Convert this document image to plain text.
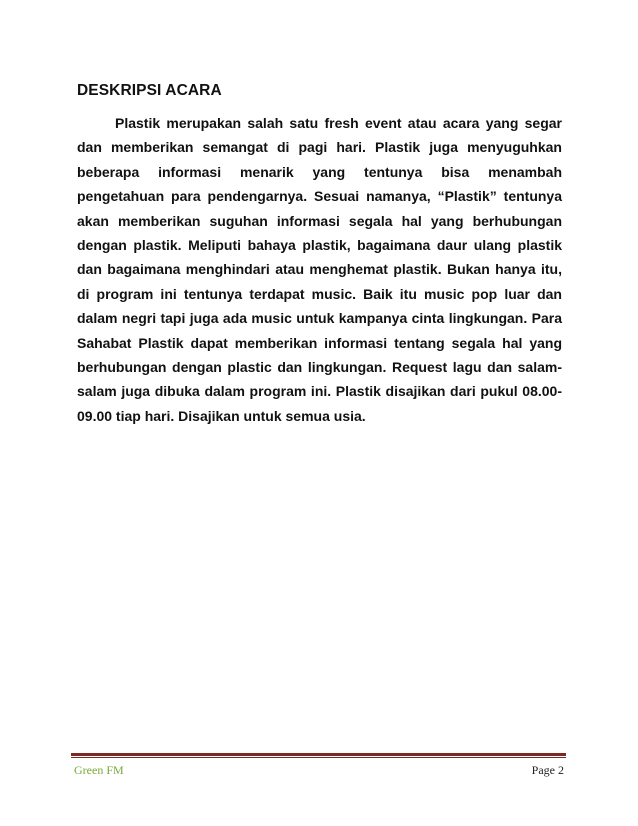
DESKRIPSI ACARA
Plastik merupakan salah satu fresh event atau acara yang segar dan memberikan semangat di pagi hari. Plastik juga menyuguhkan beberapa informasi menarik yang tentunya bisa menambah pengetahuan para pendengarnya. Sesuai namanya, “Plastik” tentunya akan memberikan suguhan informasi segala hal yang berhubungan dengan plastik. Meliputi bahaya plastik, bagaimana daur ulang plastik dan bagaimana menghindari atau menghemat plastik. Bukan hanya itu, di program ini tentunya terdapat music. Baik itu music pop luar dan dalam negri tapi juga ada music untuk kampanya cinta lingkungan. Para Sahabat Plastik dapat memberikan informasi tentang segala hal yang berhubungan dengan plastic dan lingkungan. Request lagu dan salam-salam juga dibuka dalam program ini. Plastik disajikan dari pukul 08.00-09.00 tiap hari. Disajikan untuk semua usia.
Green FM	Page 2
